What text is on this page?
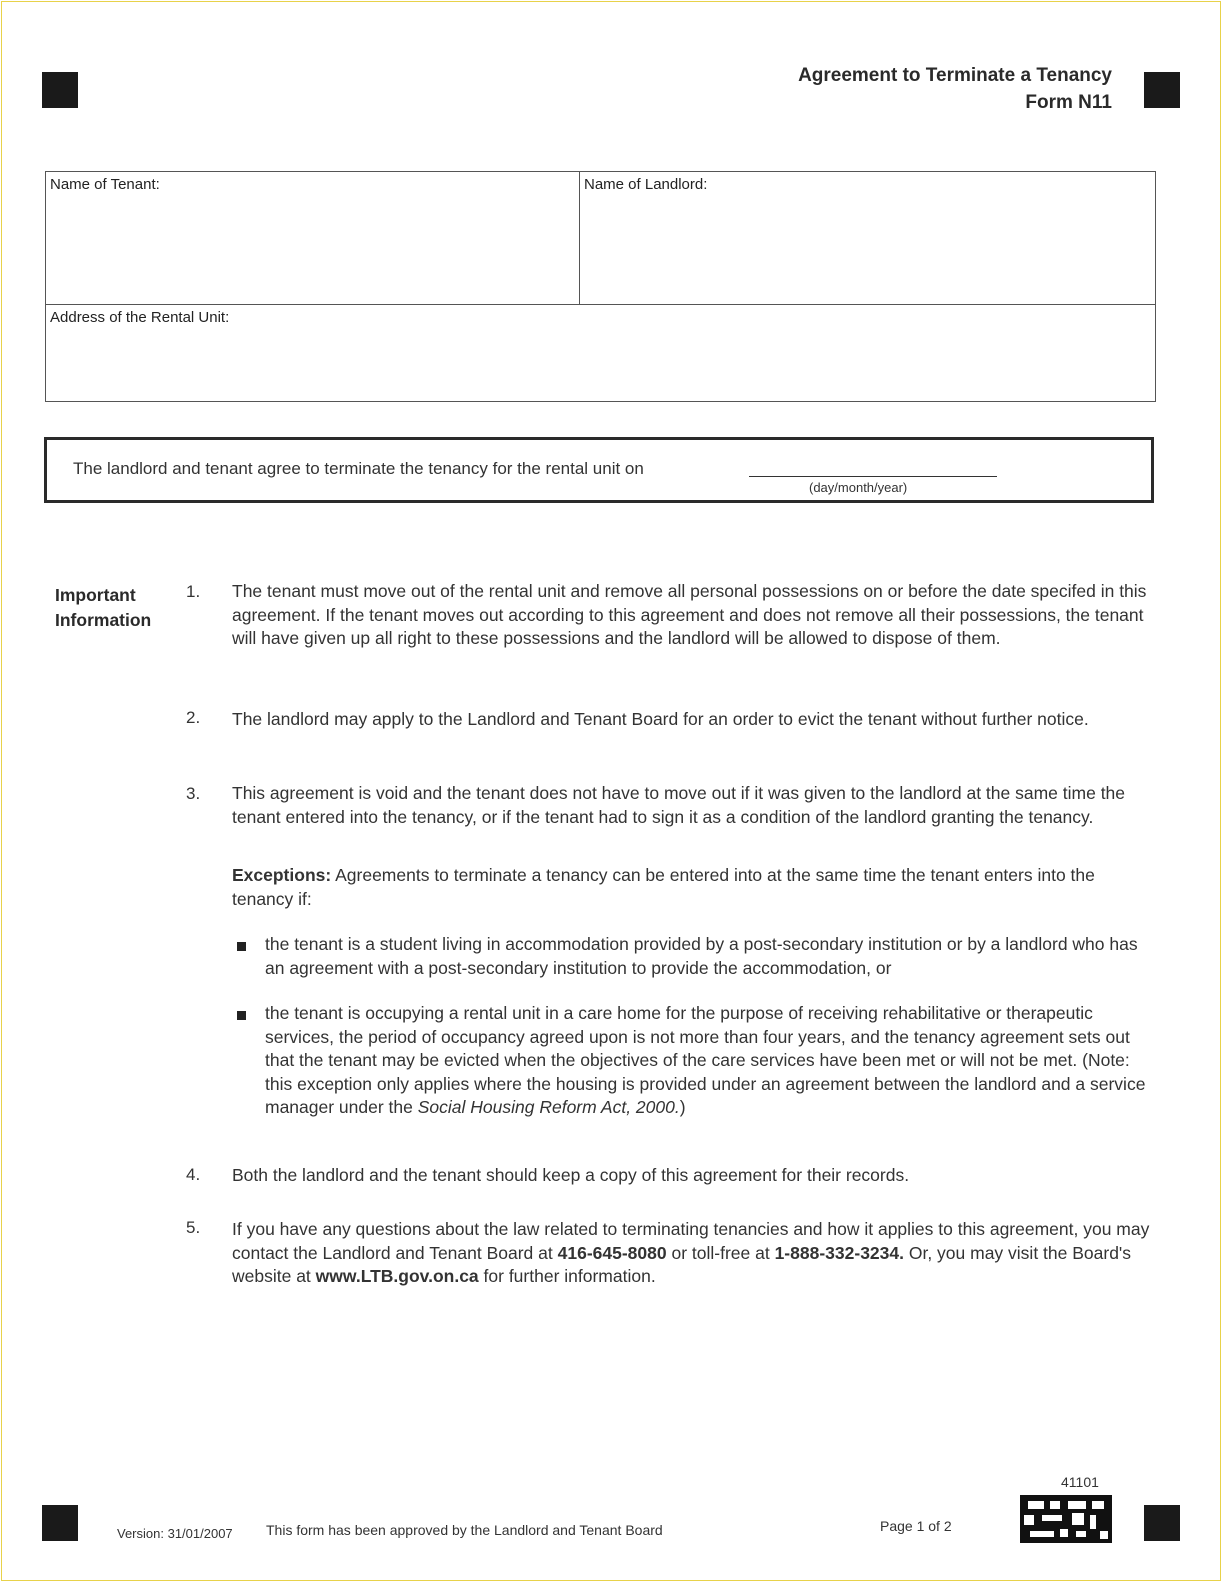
Agreement to Terminate a Tenancy
Form N11
Name of Tenant:	Name of Landlord:
Address of the Rental Unit:
The landlord and tenant agree to terminate the tenancy for the rental unit on
(day/month/year)
Important
Information
1. The tenant must move out of the rental unit and remove all personal possessions on or before the date specifed in this agreement. If the tenant moves out according to this agreement and does not remove all their possessions, the tenant will have given up all right to these possessions and the landlord will be allowed to dispose of them.

2. The landlord may apply to the Landlord and Tenant Board for an order to evict the tenant without further notice.

3. This agreement is void and the tenant does not have to move out if it was given to the landlord at the same time the tenant entered into the tenancy, or if the tenant had to sign it as a condition of the landlord granting the tenancy.

Exceptions: Agreements to terminate a tenancy can be entered into at the same time the tenant enters into the tenancy if:

the tenant is a student living in accommodation provided by a post-secondary institution or by a landlord who has an agreement with a post-secondary institution to provide the accommodation, or

the tenant is occupying a rental unit in a care home for the purpose of receiving rehabilitative or therapeutic services, the period of occupancy agreed upon is not more than four years, and the tenancy agreement sets out that the tenant may be evicted when the objectives of the care services have been met or will not be met. (Note: this exception only applies where the housing is provided under an agreement between the landlord and a service manager under the Social Housing Reform Act, 2000.)

4. Both the landlord and the tenant should keep a copy of this agreement for their records.

5. If you have any questions about the law related to terminating tenancies and how it applies to this agreement, you may contact the Landlord and Tenant Board at 416-645-8080 or toll-free at 1-888-332-3234. Or, you may visit the Board's website at www.LTB.gov.on.ca for further information.

Version: 31/01/2007 This form has been approved by the Landlord and Tenant Board	Page 1 of 2
41101
